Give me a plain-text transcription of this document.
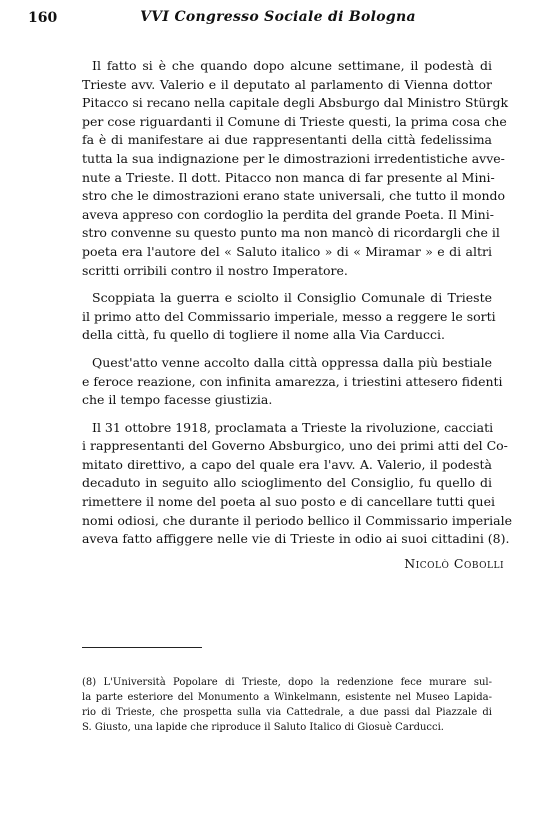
160	VVI Congresso Sociale di Bologna

Il fatto si è che quando dopo alcune settimane, il podestà di
Trieste avv. Valerio e il deputato al parlamento di Vienna dottor
Pitacco si recano nella capitale degli Absburgo dal Ministro Stürgk
per cose riguardanti il Comune di Trieste questi, la prima cosa che
fa è di manifestare ai due rappresentanti della città fedelissima
tutta la sua indignazione per le dimostrazioni irredentistiche avve-
nute a Trieste. Il dott. Pitacco non manca di far presente al Mini-
stro che le dimostrazioni erano state universali, che tutto il mondo
aveva appreso con cordoglio la perdita del grande Poeta. Il Mini-
stro convenne su questo punto ma non mancò di ricordargli che il
poeta era l'autore del « Saluto italico » di « Miramar » e di altri
scritti orribili contro il nostro Imperatore.

Scoppiata la guerra e sciolto il Consiglio Comunale di Trieste
il primo atto del Commissario imperiale, messo a reggere le sorti
della città, fu quello di togliere il nome alla Via Carducci.

Quest'atto venne accolto dalla città oppressa dalla più bestiale
e feroce reazione, con infinita amarezza, i triestini attesero fidenti
che il tempo facesse giustizia.

Il 31 ottobre 1918, proclamata a Trieste la rivoluzione, cacciati
i rappresentanti del Governo Absburgico, uno dei primi atti del Co-
mitato direttivo, a capo del quale era l'avv. A. Valerio, il podestà
decaduto in seguito allo scioglimento del Consiglio, fu quello di
rimettere il nome del poeta al suo posto e di cancellare tutti quei
nomi odiosi, che durante il periodo bellico il Commissario imperiale
aveva fatto affiggere nelle vie di Trieste in odio ai suoi cittadini (8).

Nicolò Cobolli
(8) L'Università Popolare di Trieste, dopo la redenzione fece murare sul-
la parte esteriore del Monumento a Winkelmann, esistente nel Museo Lapida-
rio di Trieste, che prospetta sulla via Cattedrale, a due passi dal Piazzale di
S. Giusto, una lapide che riproduce il Saluto Italico di Giosuè Carducci.
